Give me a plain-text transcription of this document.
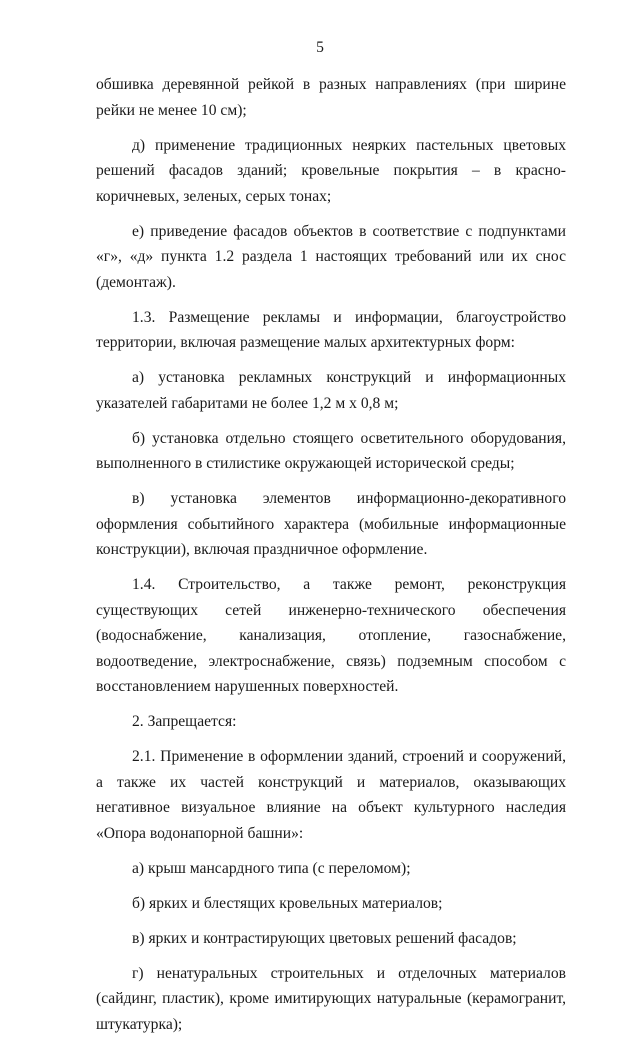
5

обшивка деревянной рейкой в разных направлениях (при ширине рейки не менее 10 см);

д) применение традиционных неярких пастельных цветовых решений фасадов зданий; кровельные покрытия – в красно-коричневых, зеленых, серых тонах;

е) приведение фасадов объектов в соответствие с подпунктами «г», «д» пункта 1.2 раздела 1 настоящих требований или их снос (демонтаж).

1.3. Размещение рекламы и информации, благоустройство территории, включая размещение малых архитектурных форм:

а) установка рекламных конструкций и информационных указателей габаритами не более 1,2 м х 0,8 м;

б) установка отдельно стоящего осветительного оборудования, выполненного в стилистике окружающей исторической среды;

в) установка элементов информационно-декоративного оформления событийного характера (мобильные информационные конструкции), включая праздничное оформление.

1.4. Строительство, а также ремонт, реконструкция существующих сетей инженерно-технического обеспечения (водоснабжение, канализация, отопление, газоснабжение, водоотведение, электроснабжение, связь) подземным способом с восстановлением нарушенных поверхностей.

2. Запрещается:

2.1. Применение в оформлении зданий, строений и сооружений, а также их частей конструкций и материалов, оказывающих негативное визуальное влияние на объект культурного наследия «Опора водонапорной башни»:

а) крыш мансардного типа (с переломом);

б) ярких и блестящих кровельных материалов;

в) ярких и контрастирующих цветовых решений фасадов;

г) ненатуральных строительных и отделочных материалов (сайдинг, пластик), кроме имитирующих натуральные (керамогранит, штукатурка);
